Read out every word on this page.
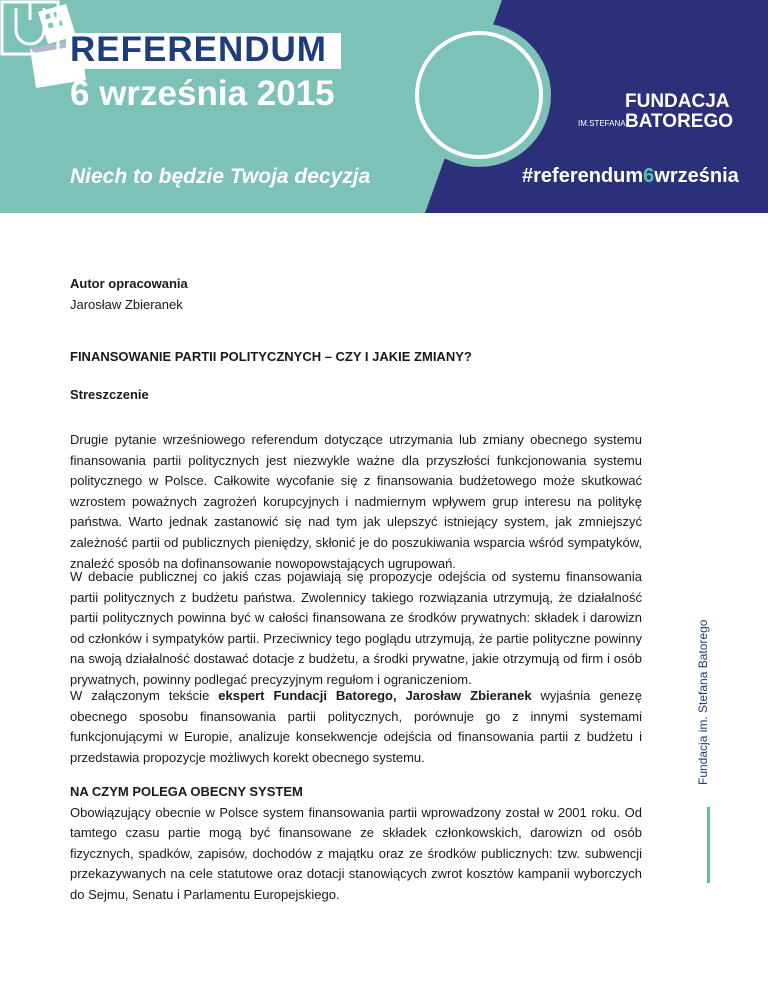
REFERENDUM
6 września 2015
Niech to będzie Twoja decyzja	#referendum6września
FUNDACJA
BATOREGO
IM.STEFANA
Autor opracowania
Jarosław Zbieranek
FINANSOWANIE PARTII POLITYCZNYCH – CZY I JAKIE ZMIANY?
Streszczenie

Drugie pytanie wrześniowego referendum dotyczące utrzymania lub zmiany obecnego systemu finansowania partii politycznych jest niezwykle ważne dla przyszłości funkcjonowania systemu politycznego w Polsce. Całkowite wycofanie się z finansowania budżetowego może skutkować wzrostem poważnych zagrożeń korupcyjnych i nadmiernym wpływem grup interesu na politykę państwa. Warto jednak zastanowić się nad tym jak ulepszyć istniejący system, jak zmniejszyć zależność partii od publicznych pieniędzy, skłonić je do poszukiwania wsparcia wśród sympatyków, znaleźć sposób na dofinansowanie nowopowstających ugrupowań.

W debacie publicznej co jakiś czas pojawiają się propozycje odejścia od systemu finansowania partii politycznych z budżetu państwa. Zwolennicy takiego rozwiązania utrzymują, że działalność partii politycznych powinna być w całości finansowana ze środków prywatnych: składek i darowizn od członków i sympatyków partii. Przeciwnicy tego poglądu utrzymują, że partie polityczne powinny na swoją działalność dostawać dotacje z budżetu, a środki prywatne, jakie otrzymują od firm i osób prywatnych, powinny podlegać precyzyjnym regułom i ograniczeniom.

W załączonym tekście ekspert Fundacji Batorego, Jarosław Zbieranek wyjaśnia genezę obecnego sposobu finansowania partii politycznych, porównuje go z innymi systemami funkcjonującymi w Europie, analizuje konsekwencje odejścia od finansowania partii z budżetu i przedstawia propozycje możliwych korekt obecnego systemu.

NA CZYM POLEGA OBECNY SYSTEM

Obowiązujący obecnie w Polsce system finansowania partii wprowadzony został w 2001 roku. Od tamtego czasu partie mogą być finansowane ze składek członkowskich, darowizn od osób fizycznych, spadków, zapisów, dochodów z majątku oraz ze środków publicznych: tzw. subwencji przekazywanych na cele statutowe oraz dotacji stanowiących zwrot kosztów kampanii wyborczych do Sejmu, Senatu i Parlamentu Europejskiego.

Fundacja im. Stefana Batorego
